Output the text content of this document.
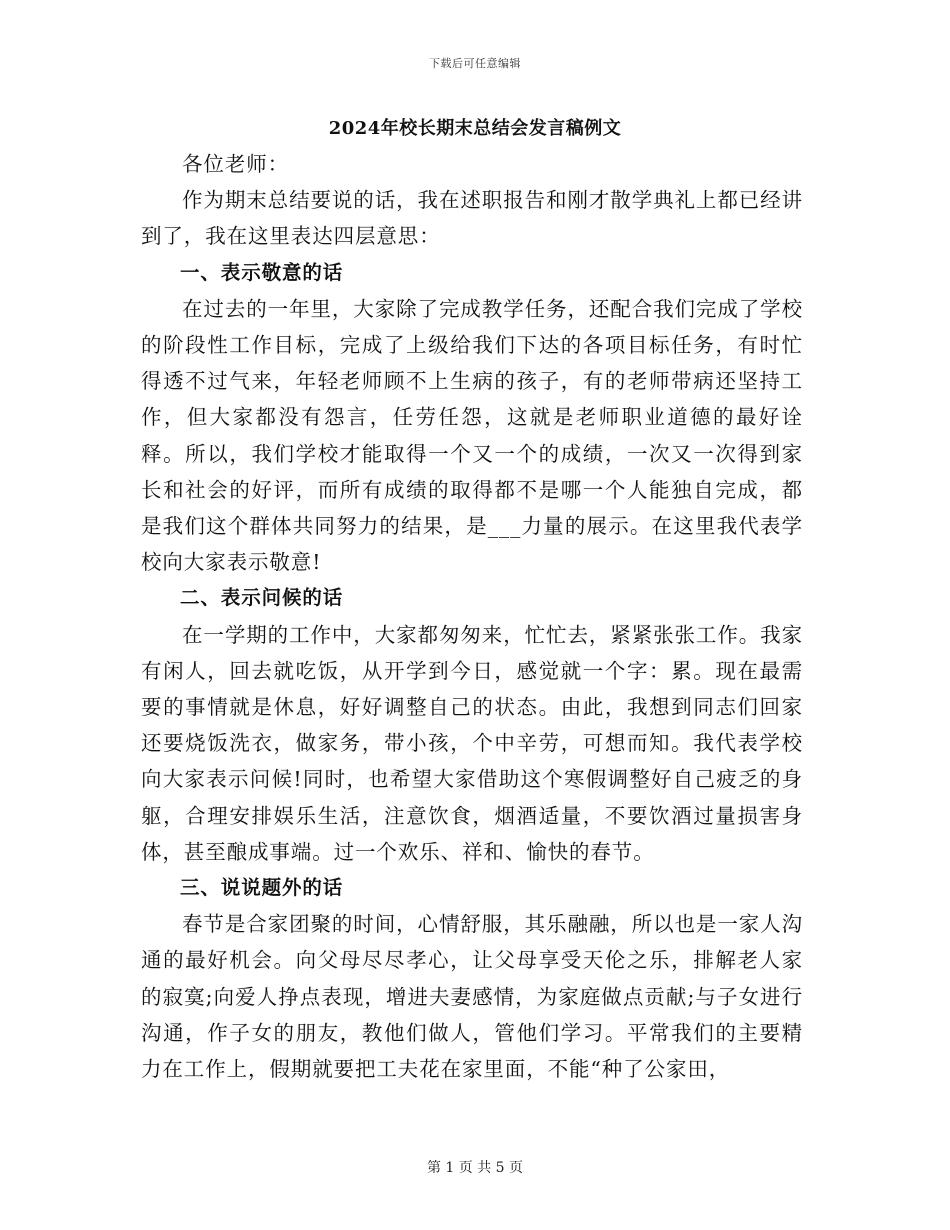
下载后可任意编辑
2024年校长期末总结会发言稿例文

各位老师：

作为期末总结要说的话，我在述职报告和刚才散学典礼上都已经讲到了，我在这里表达四层意思：

一、表示敬意的话

在过去的一年里，大家除了完成教学任务，还配合我们完成了学校的阶段性工作目标，完成了上级给我们下达的各项目标任务，有时忙得透不过气来，年轻老师顾不上生病的孩子，有的老师带病还坚持工作，但大家都没有怨言，任劳任怨，这就是老师职业道德的最好诠释。所以，我们学校才能取得一个又一个的成绩，一次又一次得到家长和社会的好评，而所有成绩的取得都不是哪一个人能独自完成，都是我们这个群体共同努力的结果，是___力量的展示。在这里我代表学校向大家表示敬意!

二、表示问候的话

在一学期的工作中，大家都匆匆来，忙忙去，紧紧张张工作。我家有闲人，回去就吃饭，从开学到今日，感觉就一个字：累。现在最需要的事情就是休息，好好调整自己的状态。由此，我想到同志们回家还要烧饭洗衣，做家务，带小孩，个中辛劳，可想而知。我代表学校向大家表示问候!同时，也希望大家借助这个寒假调整好自己疲乏的身躯，合理安排娱乐生活，注意饮食，烟酒适量，不要饮酒过量损害身体，甚至酿成事端。过一个欢乐、祥和、愉快的春节。

三、说说题外的话

春节是合家团聚的时间，心情舒服，其乐融融，所以也是一家人沟通的最好机会。向父母尽尽孝心，让父母享受天伦之乐，排解老人家的寂寞;向爱人挣点表现，增进夫妻感情，为家庭做点贡献;与子女进行沟通，作子女的朋友，教他们做人，管他们学习。平常我们的主要精力在工作上，假期就要把工夫花在家里面，不能“种了公家田，

第 1 页 共 5 页
